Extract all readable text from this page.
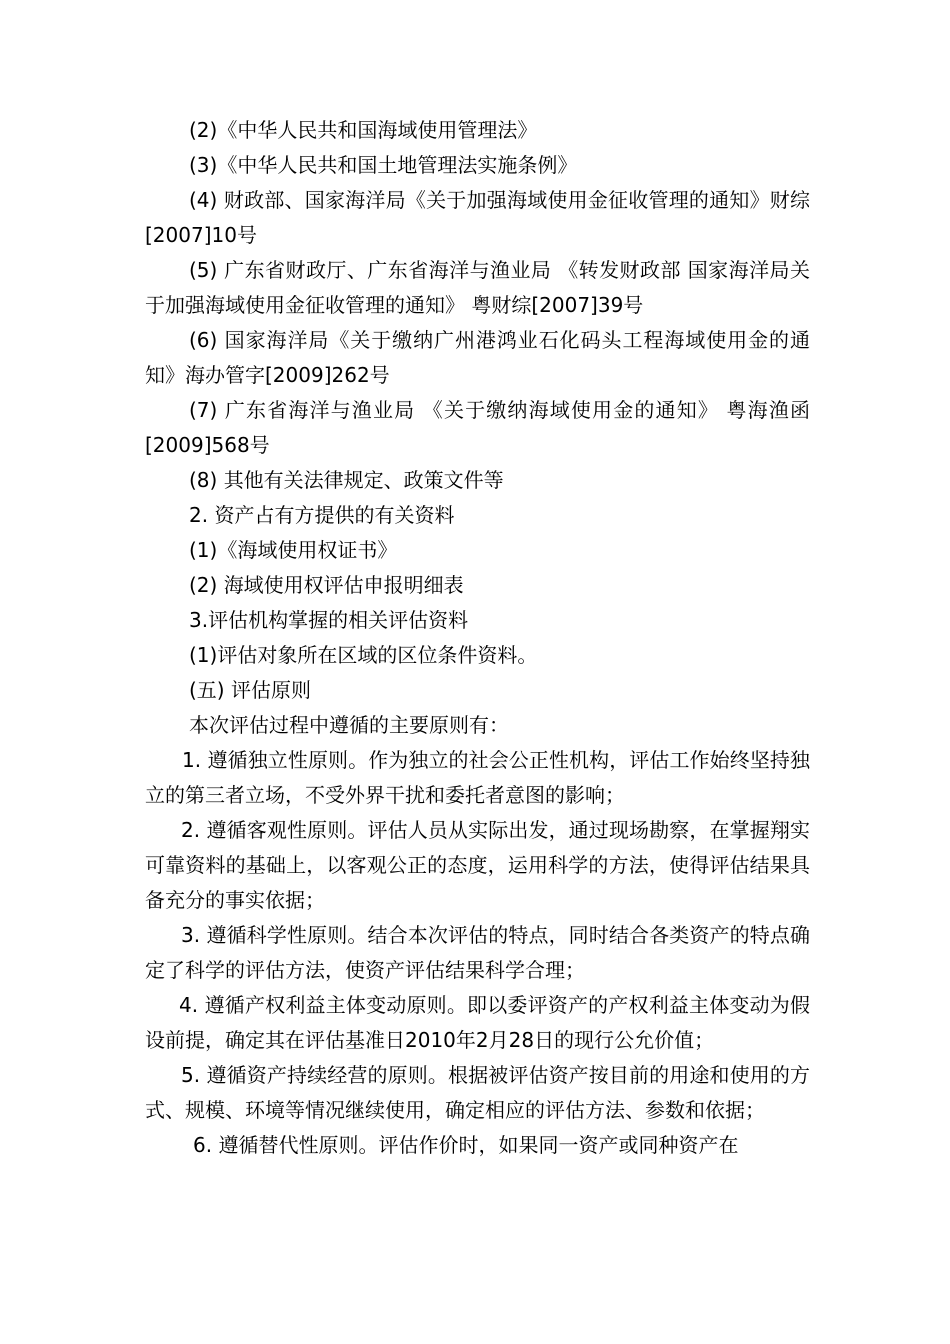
(2)《中华人民共和国海域使用管理法》

(3)《中华人民共和国土地管理法实施条例》

(4) 财政部、国家海洋局《关于加强海域使用金征收管理的通知》财综[2007]10号

(5) 广东省财政厅、广东省海洋与渔业局 《转发财政部 国家海洋局关于加强海域使用金征收管理的通知》 粤财综[2007]39号

(6) 国家海洋局《关于缴纳广州港鸿业石化码头工程海域使用金的通知》海办管字[2009]262号

(7) 广东省海洋与渔业局 《关于缴纳海域使用金的通知》 粤海渔函[2009]568号

(8) 其他有关法律规定、政策文件等

2. 资产占有方提供的有关资料

(1)《海域使用权证书》

(2) 海域使用权评估申报明细表

3.评估机构掌握的相关评估资料

(1)评估对象所在区域的区位条件资料。

(五) 评估原则

本次评估过程中遵循的主要原则有：

1. 遵循独立性原则。作为独立的社会公正性机构，评估工作始终坚持独立的第三者立场，不受外界干扰和委托者意图的影响；

2. 遵循客观性原则。评估人员从实际出发，通过现场勘察，在掌握翔实可靠资料的基础上，以客观公正的态度，运用科学的方法，使得评估结果具备充分的事实依据；

3. 遵循科学性原则。结合本次评估的特点，同时结合各类资产的特点确定了科学的评估方法，使资产评估结果科学合理；

4. 遵循产权利益主体变动原则。即以委评资产的产权利益主体变动为假设前提，确定其在评估基准日2010年2月28日的现行公允价值；

5. 遵循资产持续经营的原则。根据被评估资产按目前的用途和使用的方式、规模、环境等情况继续使用，确定相应的评估方法、参数和依据；

6. 遵循替代性原则。评估作价时，如果同一资产或同种资产在
